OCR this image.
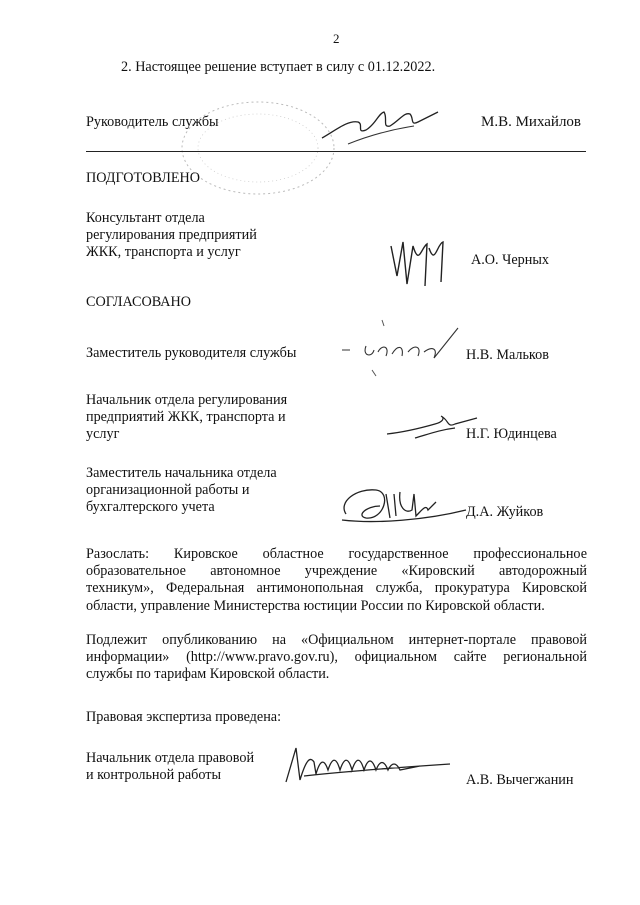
2
2. Настоящее решение вступает в силу с 01.12.2022.
Руководитель службы	М.В. Михайлов
ПОДГОТОВЛЕНО
Консультант отдела
регулирования предприятий
ЖКК, транспорта и услуг	А.О. Черных
СОГЛАСОВАНО
Заместитель руководителя службы	Н.В. Мальков
Начальник отдела регулирования
предприятий ЖКК, транспорта и
услуг	Н.Г. Юдинцева
Заместитель начальника отдела
организационной работы и
бухгалтерского учета	Д.А. Жуйков
Разослать: Кировское областное государственное профессиональное
образовательное автономное учреждение «Кировский автодорожный
техникум», Федеральная антимонопольная служба, прокуратура Кировской
области, управление Министерства юстиции России по Кировской области.
Подлежит опубликованию на «Официальном интернет-портале правовой
информации» (http://www.pravo.gov.ru), официальном сайте региональной
службы по тарифам Кировской области.
Правовая экспертиза проведена:
Начальник отдела правовой
и контрольной работы	А.В. Вычегжанин
